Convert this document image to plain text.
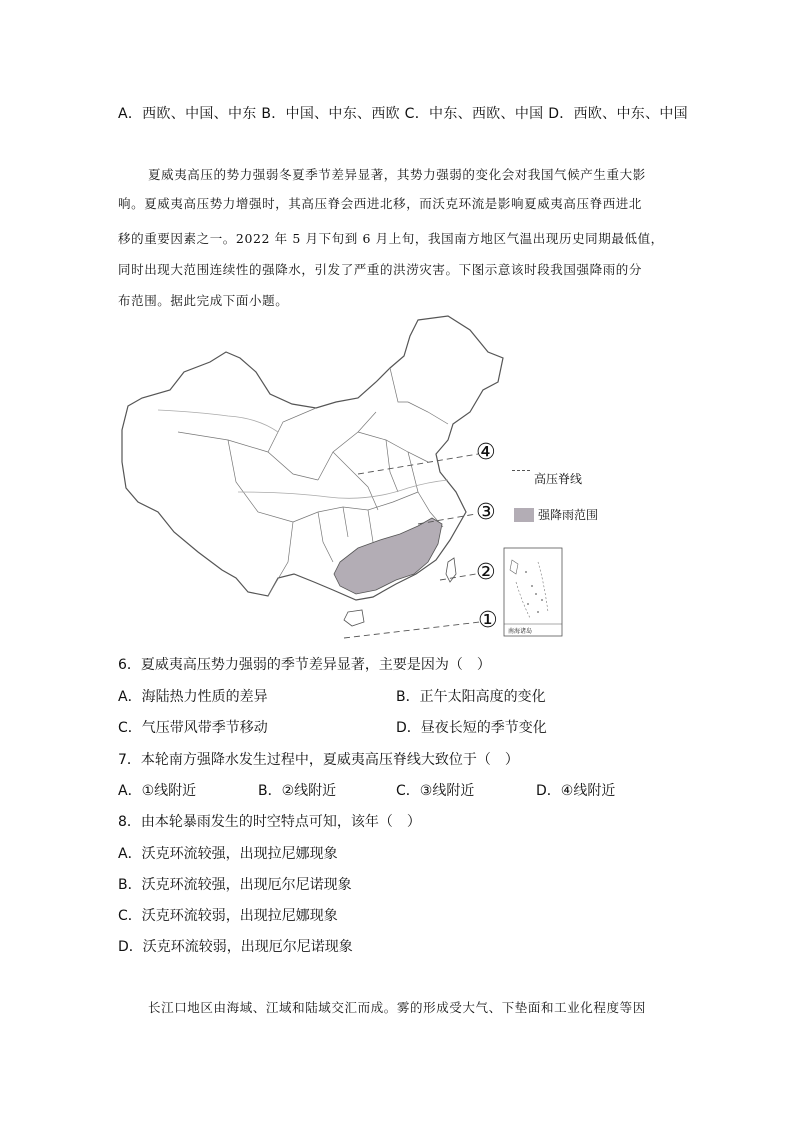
A．西欧、中国、中东 B．中国、中东、西欧 C．中东、西欧、中国 D．西欧、中东、中国
夏威夷高压的势力强弱冬夏季节差异显著，其势力强弱的变化会对我国气候产生重大影
响。夏威夷高压势力增强时，其高压脊会西进北移，而沃克环流是影响夏威夷高压脊西进北
移的重要因素之一。2022 年 5 月下旬到 6 月上旬，我国南方地区气温出现历史同期最低值，
同时出现大范围连续性的强降水，引发了严重的洪涝灾害。下图示意该时段我国强降雨的分
布范围。据此完成下面小题。
④
③
②
①
高压脊线
强降雨范围
南海诸岛
6．夏威夷高压势力强弱的季节差异显著，主要是因为（　）
A．海陆热力性质的差异	B．正午太阳高度的变化
C．气压带风带季节移动	D．昼夜长短的季节变化
7．本轮南方强降水发生过程中，夏威夷高压脊线大致位于（　）
A．①线附近	B．②线附近	C．③线附近	D．④线附近
8．由本轮暴雨发生的时空特点可知，该年（　）
A．沃克环流较强，出现拉尼娜现象
B．沃克环流较强，出现厄尔尼诺现象
C．沃克环流较弱，出现拉尼娜现象
D．沃克环流较弱，出现厄尔尼诺现象
长江口地区由海域、江域和陆域交汇而成。雾的形成受大气、下垫面和工业化程度等因
